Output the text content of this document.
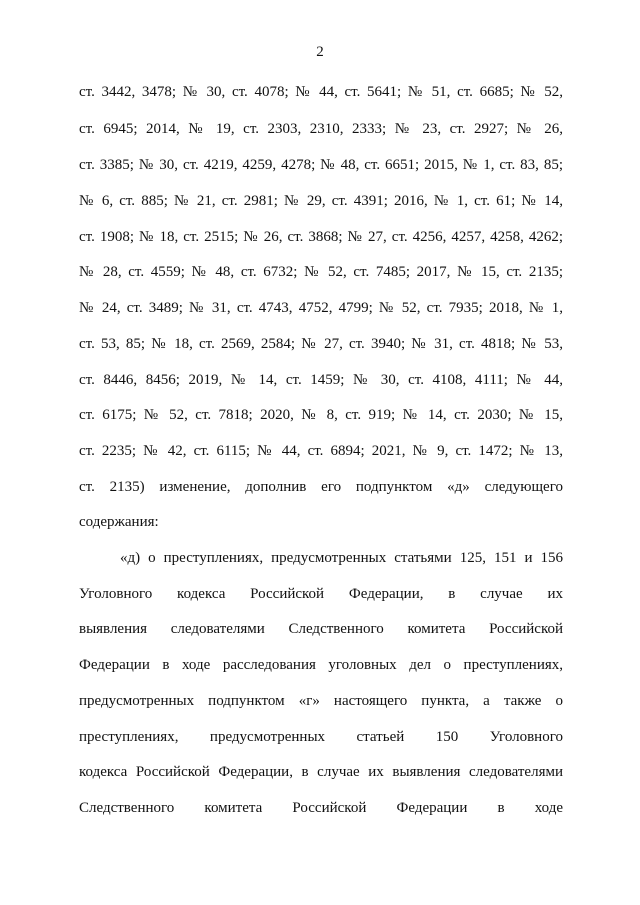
2
ст. 3442, 3478; № 30, ст. 4078; № 44, ст. 5641; № 51, ст. 6685; № 52,
ст. 6945; 2014, № 19, ст. 2303, 2310, 2333; № 23, ст. 2927; № 26,
ст. 3385; № 30, ст. 4219, 4259, 4278; № 48, ст. 6651; 2015, № 1, ст. 83, 85;
№ 6, ст. 885; № 21, ст. 2981; № 29, ст. 4391; 2016, № 1, ст. 61; № 14,
ст. 1908; № 18, ст. 2515; № 26, ст. 3868; № 27, ст. 4256, 4257, 4258, 4262;
№ 28, ст. 4559; № 48, ст. 6732; № 52, ст. 7485; 2017, № 15, ст. 2135;
№ 24, ст. 3489; № 31, ст. 4743, 4752, 4799; № 52, ст. 7935; 2018, № 1,
ст. 53, 85; № 18, ст. 2569, 2584; № 27, ст. 3940; № 31, ст. 4818; № 53,
ст. 8446, 8456; 2019, № 14, ст. 1459; № 30, ст. 4108, 4111; № 44,
ст. 6175; № 52, ст. 7818; 2020, № 8, ст. 919; № 14, ст. 2030; № 15,
ст. 2235; № 42, ст. 6115; № 44, ст. 6894; 2021, № 9, ст. 1472; № 13,
ст. 2135) изменение, дополнив его подпунктом «д» следующего
содержания:
«д) о преступлениях, предусмотренных статьями 125, 151 и 156
Уголовного кодекса Российской Федерации, в случае их
выявления следователями Следственного комитета Российской
Федерации в ходе расследования уголовных дел о преступлениях,
предусмотренных подпунктом «г» настоящего пункта, а также о
преступлениях, предусмотренных статьей 150 Уголовного
кодекса Российской Федерации, в случае их выявления следователями
Следственного комитета Российской Федерации в ходе
